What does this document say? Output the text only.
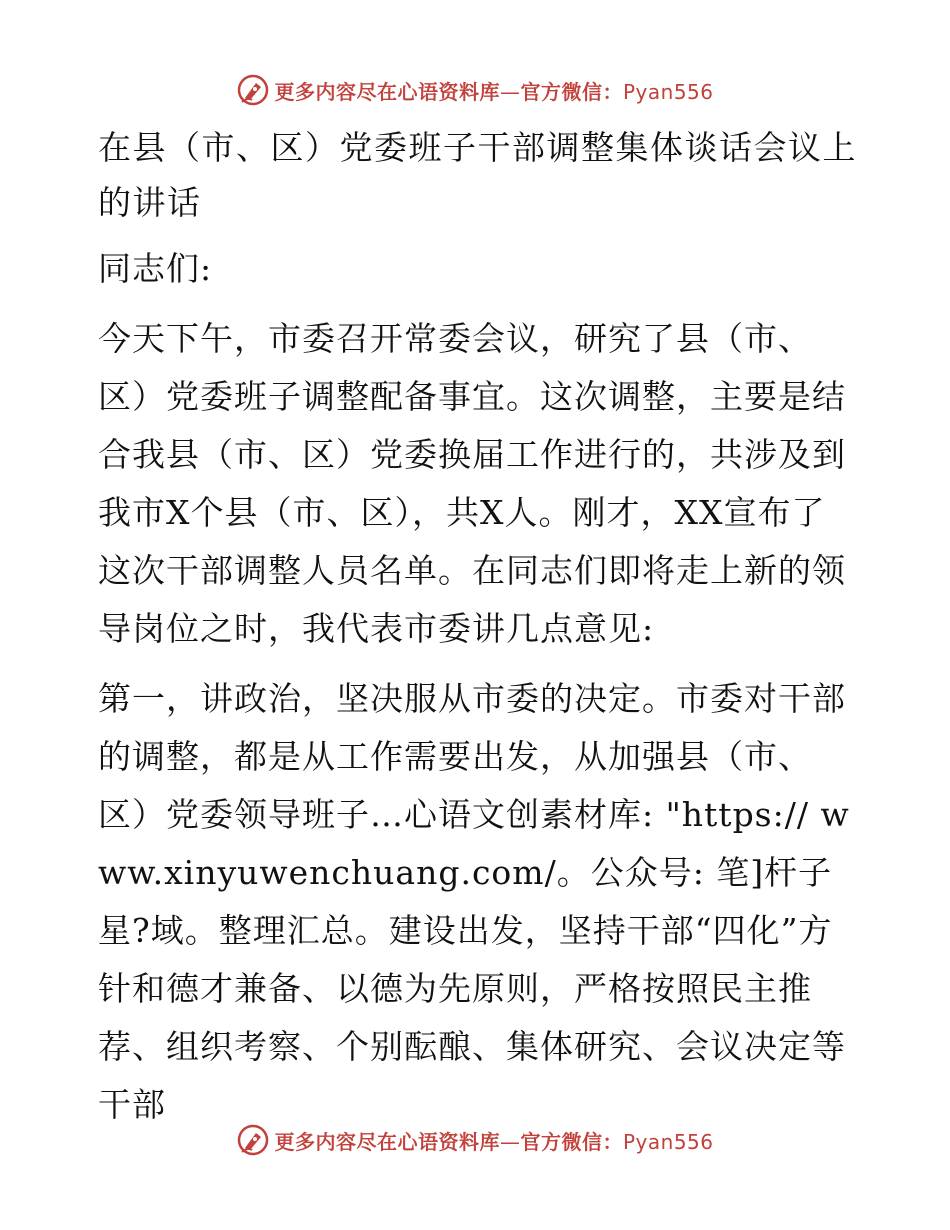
更多内容尽在心语资料库—官方微信：Pyan556
在县（市、区）党委班子干部调整集体谈话会议上的讲话

同志们:

今天下午，市委召开常委会议，研究了县（市、区）党委班子调整配备事宜。这次调整，主要是结合我县（市、区）党委换届工作进行的，共涉及到我市X个县（市、区），共X人。刚才，XX宣布了这次干部调整人员名单。在同志们即将走上新的领导岗位之时，我代表市委讲几点意见:

第一，讲政治，坚决服从市委的决定。市委对干部的调整，都是从工作需要出发，从加强县（市、区）党委领导班子…心语文创素材库: "https:// www.xinyuwenchuang.com/。公众号: 笔]杆子星?域。整理汇总。建设出发，坚持干部“四化”方针和德才兼备、以德为先原则，严格按照民主推荐、组织考察、个别酝酿、集体研究、会议决定等干部

更多内容尽在心语资料库—官方微信：Pyan556
